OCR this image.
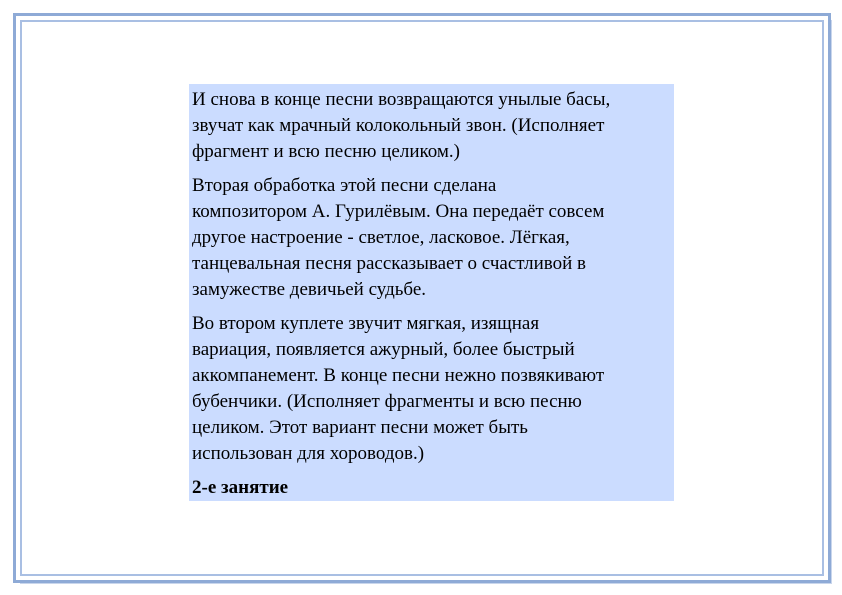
И снова в конце песни возвращаются унылые басы,
звучат как мрачный колокольный звон. (Исполняет
фрагмент и всю песню целиком.)

Вторая обработка этой песни сделана
композитором А. Гурилёвым. Она передаёт совсем
другое настроение - светлое, ласковое. Лёгкая,
танцевальная песня рассказывает о счастливой в
замужестве девичьей судьбе.

Во втором куплете звучит мягкая, изящная
вариация, появляется ажурный, более быстрый
аккомпанемент. В конце песни нежно позвякивают
бубенчики. (Исполняет фрагменты и всю песню
целиком. Этот вариант песни может быть
использован для хороводов.)

2-е занятие
